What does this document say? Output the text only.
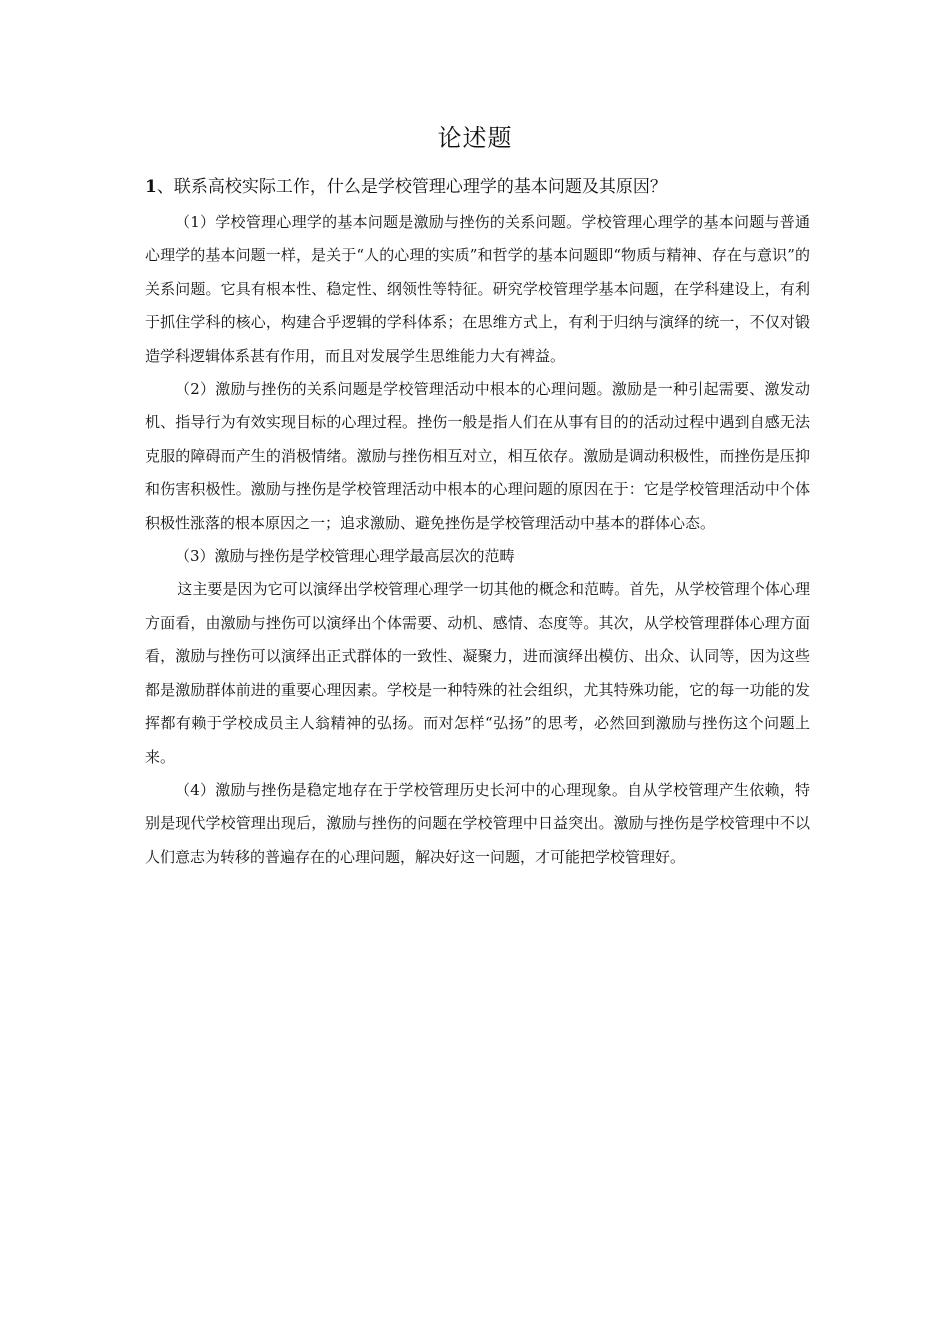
论述题
1、联系高校实际工作，什么是学校管理心理学的基本问题及其原因？

（1）学校管理心理学的基本问题是激励与挫伤的关系问题。学校管理心理学的基本问题与普通心理学的基本问题一样，是关于“人的心理的实质”和哲学的基本问题即“物质与精神、存在与意识”的关系问题。它具有根本性、稳定性、纲领性等特征。研究学校管理学基本问题，在学科建设上，有利于抓住学科的核心，构建合乎逻辑的学科体系；在思维方式上，有利于归纳与演绎的统一，不仅对锻造学科逻辑体系甚有作用，而且对发展学生思维能力大有裨益。

（2）激励与挫伤的关系问题是学校管理活动中根本的心理问题。激励是一种引起需要、激发动机、指导行为有效实现目标的心理过程。挫伤一般是指人们在从事有目的的活动过程中遇到自感无法克服的障碍而产生的消极情绪。激励与挫伤相互对立，相互依存。激励是调动积极性，而挫伤是压抑和伤害积极性。激励与挫伤是学校管理活动中根本的心理问题的原因在于：它是学校管理活动中个体积极性涨落的根本原因之一；追求激励、避免挫伤是学校管理活动中基本的群体心态。

（3）激励与挫伤是学校管理心理学最高层次的范畴

这主要是因为它可以演绎出学校管理心理学一切其他的概念和范畴。首先，从学校管理个体心理方面看，由激励与挫伤可以演绎出个体需要、动机、感情、态度等。其次，从学校管理群体心理方面看，激励与挫伤可以演绎出正式群体的一致性、凝聚力，进而演绎出模仿、出众、认同等，因为这些都是激励群体前进的重要心理因素。学校是一种特殊的社会组织，尤其特殊功能，它的每一功能的发挥都有赖于学校成员主人翁精神的弘扬。而对怎样“弘扬”的思考，必然回到激励与挫伤这个问题上来。

（4）激励与挫伤是稳定地存在于学校管理历史长河中的心理现象。自从学校管理产生依赖，特别是现代学校管理出现后，激励与挫伤的问题在学校管理中日益突出。激励与挫伤是学校管理中不以人们意志为转移的普遍存在的心理问题，解决好这一问题，才可能把学校管理好。
